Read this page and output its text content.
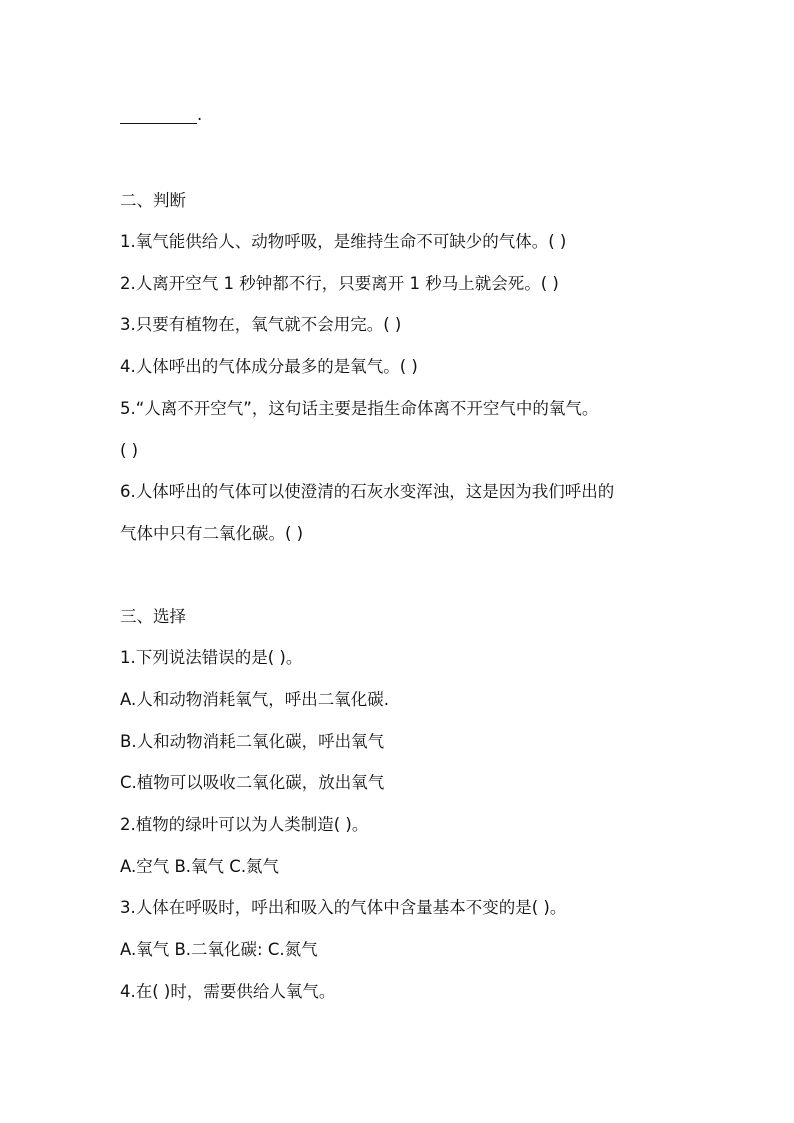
.
二、判断
1.氧气能供给人、动物呼吸，是维持生命不可缺少的气体。( )
2.人离开空气 1 秒钟都不行，只要离开 1 秒马上就会死。( )
3.只要有植物在，氧气就不会用完。( )
4.人体呼出的气体成分最多的是氧气。( )
5.“人离不开空气”，这句话主要是指生命体离不开空气中的氧气。
( )
6.人体呼出的气体可以使澄清的石灰水变浑浊，这是因为我们呼出的
气体中只有二氧化碳。( )
三、选择
1.下列说法错误的是( )。
A.人和动物消耗氧气，呼出二氧化碳.
B.人和动物消耗二氧化碳，呼出氧气
C.植物可以吸收二氧化碳，放出氧气
2.植物的绿叶可以为人类制造( )。
A.空气 B.氧气 C.氮气
3.人体在呼吸时，呼出和吸入的气体中含量基本不变的是( )。
A.氧气 B.二氧化碳: C.氮气
4.在( )时，需要供给人氧气。
